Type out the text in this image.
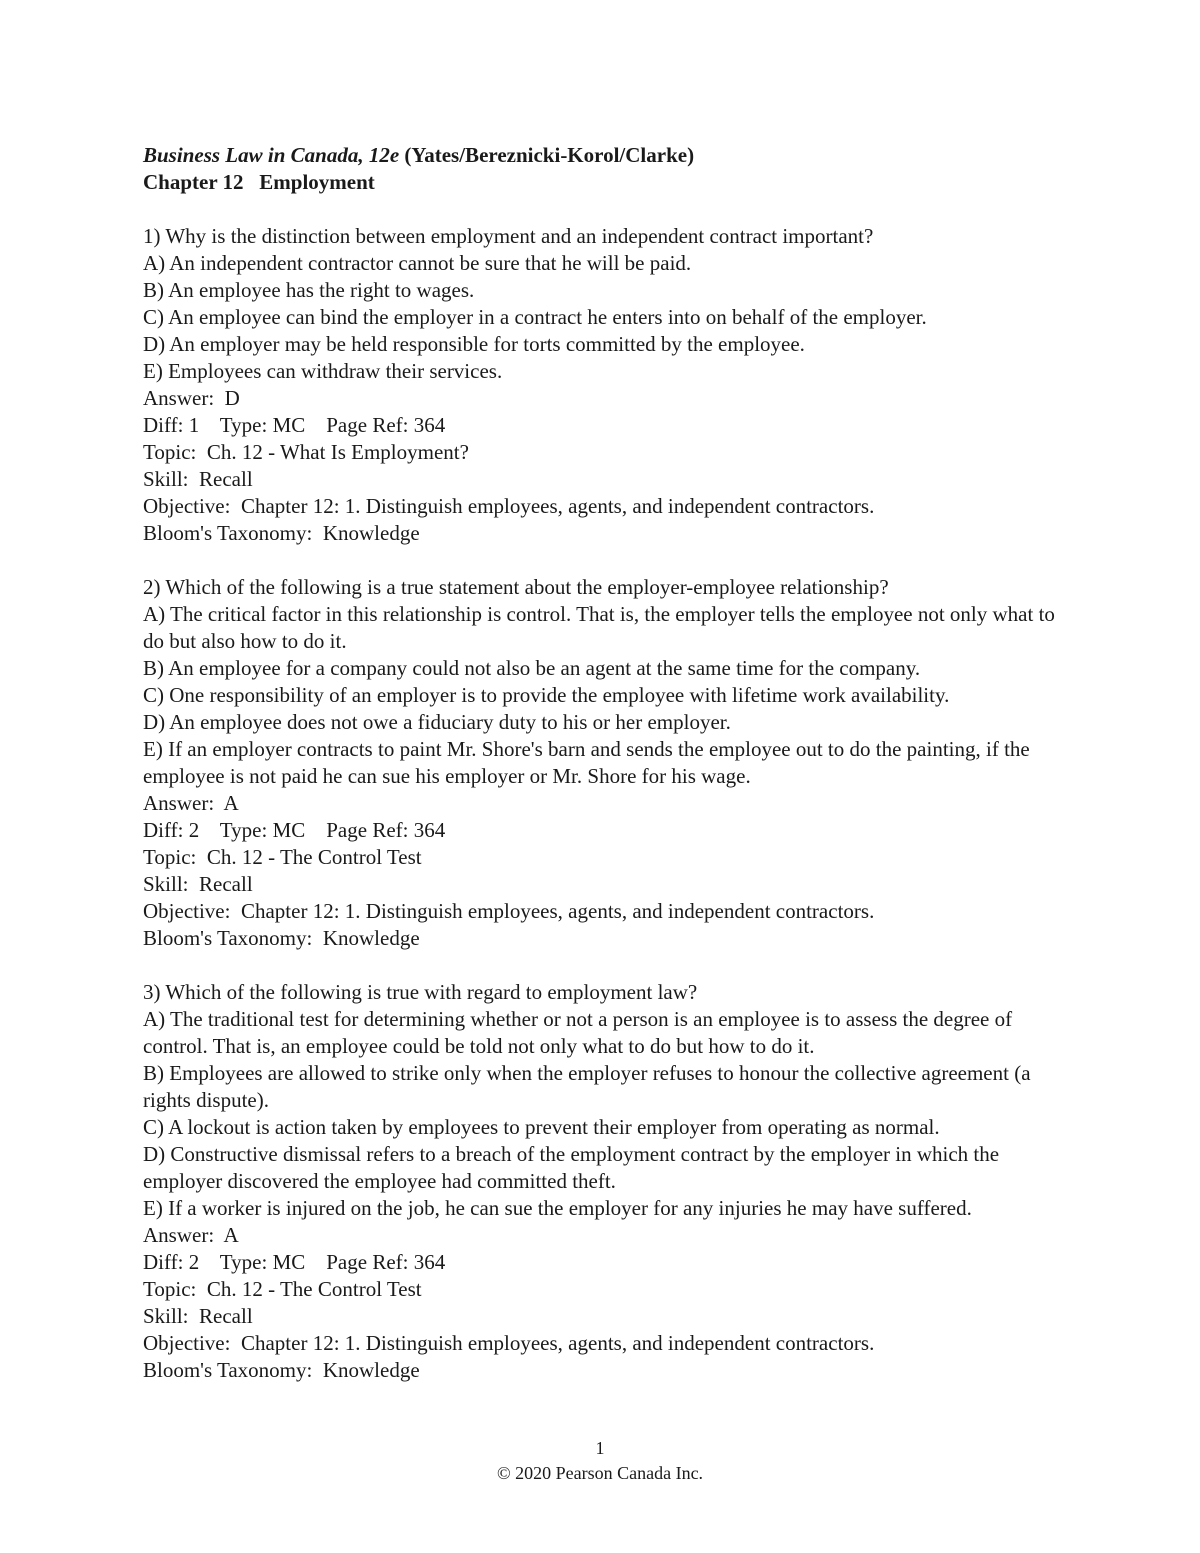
Business Law in Canada, 12e (Yates/Bereznicki-Korol/Clarke)
Chapter 12   Employment
1) Why is the distinction between employment and an independent contract important?
A) An independent contractor cannot be sure that he will be paid.
B) An employee has the right to wages.
C) An employee can bind the employer in a contract he enters into on behalf of the employer.
D) An employer may be held responsible for torts committed by the employee.
E) Employees can withdraw their services.
Answer:  D
Diff: 1    Type: MC    Page Ref: 364
Topic:  Ch. 12 - What Is Employment?
Skill:  Recall
Objective:  Chapter 12: 1. Distinguish employees, agents, and independent contractors.
Bloom's Taxonomy:  Knowledge
2) Which of the following is a true statement about the employer-employee relationship?
A) The critical factor in this relationship is control. That is, the employer tells the employee not only what to do but also how to do it.
B) An employee for a company could not also be an agent at the same time for the company.
C) One responsibility of an employer is to provide the employee with lifetime work availability.
D) An employee does not owe a fiduciary duty to his or her employer.
E) If an employer contracts to paint Mr. Shore's barn and sends the employee out to do the painting, if the employee is not paid he can sue his employer or Mr. Shore for his wage.
Answer:  A
Diff: 2    Type: MC    Page Ref: 364
Topic:  Ch. 12 - The Control Test
Skill:  Recall
Objective:  Chapter 12: 1. Distinguish employees, agents, and independent contractors.
Bloom's Taxonomy:  Knowledge
3) Which of the following is true with regard to employment law?
A) The traditional test for determining whether or not a person is an employee is to assess the degree of control. That is, an employee could be told not only what to do but how to do it.
B) Employees are allowed to strike only when the employer refuses to honour the collective agreement (a rights dispute).
C) A lockout is action taken by employees to prevent their employer from operating as normal.
D) Constructive dismissal refers to a breach of the employment contract by the employer in which the employer discovered the employee had committed theft.
E) If a worker is injured on the job, he can sue the employer for any injuries he may have suffered.
Answer:  A
Diff: 2    Type: MC    Page Ref: 364
Topic:  Ch. 12 - The Control Test
Skill:  Recall
Objective:  Chapter 12: 1. Distinguish employees, agents, and independent contractors.
Bloom's Taxonomy:  Knowledge
1
© 2020 Pearson Canada Inc.
